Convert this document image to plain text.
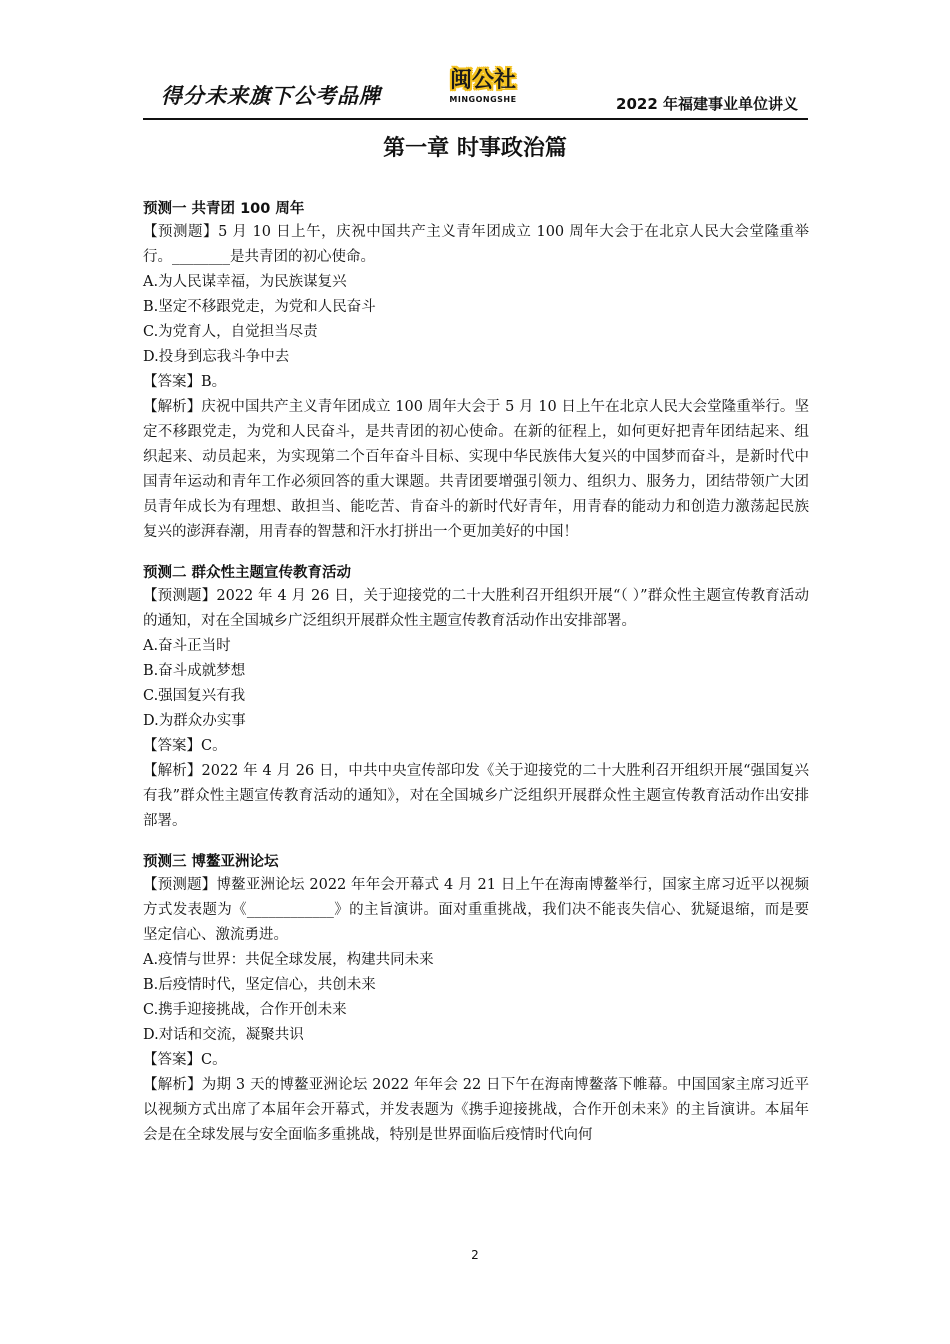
得分未来旗下公考品牌
闽公社
MINGONGSHE	2022 年福建事业单位讲义
第一章 时事政治篇

预测一 共青团 100 周年

【预测题】5 月 10 日上午，庆祝中国共产主义青年团成立 100 周年大会于在北京人民大会堂隆重举行。________是共青团的初心使命。

A.为人民谋幸福，为民族谋复兴

B.坚定不移跟党走，为党和人民奋斗

C.为党育人，自觉担当尽责

D.投身到忘我斗争中去

【答案】B。

【解析】庆祝中国共产主义青年团成立 100 周年大会于 5 月 10 日上午在北京人民大会堂隆重举行。坚定不移跟党走，为党和人民奋斗，是共青团的初心使命。在新的征程上，如何更好把青年团结起来、组织起来、动员起来，为实现第二个百年奋斗目标、实现中华民族伟大复兴的中国梦而奋斗，是新时代中国青年运动和青年工作必须回答的重大课题。共青团要增强引领力、组织力、服务力，团结带领广大团员青年成长为有理想、敢担当、能吃苦、肯奋斗的新时代好青年，用青春的能动力和创造力激荡起民族复兴的澎湃春潮，用青春的智慧和汗水打拼出一个更加美好的中国！

预测二 群众性主题宣传教育活动

【预测题】2022 年 4 月 26 日，关于迎接党的二十大胜利召开组织开展“（ ）”群众性主题宣传教育活动的通知，对在全国城乡广泛组织开展群众性主题宣传教育活动作出安排部署。

A.奋斗正当时

B.奋斗成就梦想

C.强国复兴有我

D.为群众办实事

【答案】C。

【解析】2022 年 4 月 26 日，中共中央宣传部印发《关于迎接党的二十大胜利召开组织开展“强国复兴有我”群众性主题宣传教育活动的通知》，对在全国城乡广泛组织开展群众性主题宣传教育活动作出安排部署。

预测三 博鳌亚洲论坛

【预测题】博鳌亚洲论坛 2022 年年会开幕式 4 月 21 日上午在海南博鳌举行，国家主席习近平以视频方式发表题为《____________》的主旨演讲。面对重重挑战，我们决不能丧失信心、犹疑退缩，而是要坚定信心、激流勇进。

A.疫情与世界：共促全球发展，构建共同未来

B.后疫情时代，坚定信心，共创未来

C.携手迎接挑战，合作开创未来

D.对话和交流，凝聚共识

【答案】C。

【解析】为期 3 天的博鳌亚洲论坛 2022 年年会 22 日下午在海南博鳌落下帷幕。中国国家主席习近平以视频方式出席了本届年会开幕式，并发表题为《携手迎接挑战，合作开创未来》的主旨演讲。本届年会是在全球发展与安全面临多重挑战，特别是世界面临后疫情时代向何

2
